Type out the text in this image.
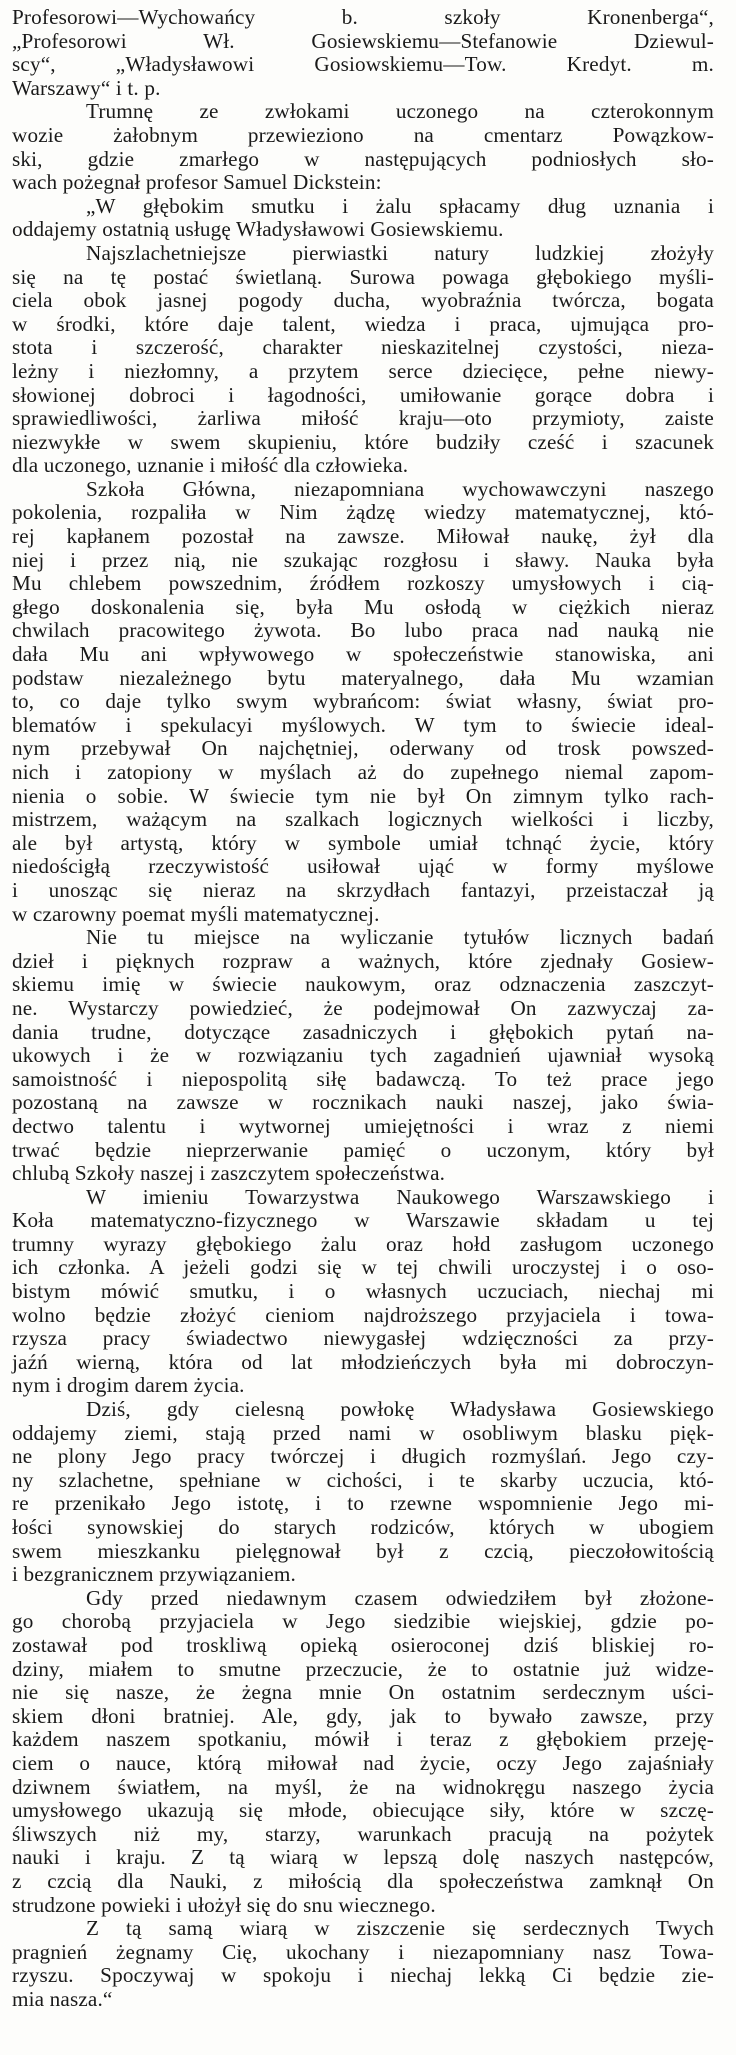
Profesorowi—Wychowańcy b. szkoły Kronenberga“,
„Profesorowi Wł. Gosiewskiemu—Stefanowie Dziewul-
scy“, „Władysławowi Gosiowskiemu—Tow. Kredyt. m.
Warszawy“ i t. p.
Trumnę ze zwłokami uczonego na czterokonnym
wozie żałobnym przewieziono na cmentarz Powązkow-
ski, gdzie zmarłego w następujących podniosłych sło-
wach pożegnał profesor Samuel Dickstein:
„W głębokim smutku i żalu spłacamy dług uznania i
oddajemy ostatnią usługę Władysławowi Gosiewskiemu.
Najszlachetniejsze pierwiastki natury ludzkiej złożyły
się na tę postać świetlaną. Surowa powaga głębokiego myśli-
ciela obok jasnej pogody ducha, wyobraźnia twórcza, bogata
w środki, które daje talent, wiedza i praca, ujmująca pro-
stota i szczerość, charakter nieskazitelnej czystości, nieza-
leżny i niezłomny, a przytem serce dziecięce, pełne niewy-
słowionej dobroci i łagodności, umiłowanie gorące dobra i
sprawiedliwości, żarliwa miłość kraju—oto przymioty, zaiste
niezwykłe w swem skupieniu, które budziły cześć i szacunek
dla uczonego, uznanie i miłość dla człowieka.
Szkoła Główna, niezapomniana wychowawczyni naszego
pokolenia, rozpaliła w Nim żądzę wiedzy matematycznej, któ-
rej kapłanem pozostał na zawsze. Miłował naukę, żył dla
niej i przez nią, nie szukając rozgłosu i sławy. Nauka była
Mu chlebem powszednim, źródłem rozkoszy umysłowych i cią-
głego doskonalenia się, była Mu osłodą w ciężkich nieraz
chwilach pracowitego żywota. Bo lubo praca nad nauką nie
dała Mu ani wpływowego w społeczeństwie stanowiska, ani
podstaw niezależnego bytu materyalnego, dała Mu wzamian
to, co daje tylko swym wybrańcom: świat własny, świat pro-
blematów i spekulacyi myślowych. W tym to świecie ideal-
nym przebywał On najchętniej, oderwany od trosk powszed-
nich i zatopiony w myślach aż do zupełnego niemal zapom-
nienia o sobie. W świecie tym nie był On zimnym tylko rach-
mistrzem, ważącym na szalkach logicznych wielkości i liczby,
ale był artystą, który w symbole umiał tchnąć życie, który
niedościgłą rzeczywistość usiłował ująć w formy myślowe
i unosząc się nieraz na skrzydłach fantazyi, przeistaczał ją
w czarowny poemat myśli matematycznej.
Nie tu miejsce na wyliczanie tytułów licznych badań
dzieł i pięknych rozpraw a ważnych, które zjednały Gosiew-
skiemu imię w świecie naukowym, oraz odznaczenia zaszczyt-
ne. Wystarczy powiedzieć, że podejmował On zazwyczaj za-
dania trudne, dotyczące zasadniczych i głębokich pytań na-
ukowych i że w rozwiązaniu tych zagadnień ujawniał wysoką
samoistność i niepospolitą siłę badawczą. To też prace jego
pozostaną na zawsze w rocznikach nauki naszej, jako świa-
dectwo talentu i wytwornej umiejętności i wraz z niemi
trwać będzie nieprzerwanie pamięć o uczonym, który był
chlubą Szkoły naszej i zaszczytem społeczeństwa.
W imieniu Towarzystwa Naukowego Warszawskiego i
Koła matematyczno-fizycznego w Warszawie składam u tej
trumny wyrazy głębokiego żalu oraz hołd zasługom uczonego
ich członka. A jeżeli godzi się w tej chwili uroczystej i o oso-
bistym mówić smutku, i o własnych uczuciach, niechaj mi
wolno będzie złożyć cieniom najdroższego przyjaciela i towa-
rzysza pracy świadectwo niewygasłej wdzięczności za przy-
jaźń wierną, która od lat młodzieńczych była mi dobroczyn-
nym i drogim darem życia.
Dziś, gdy cielesną powłokę Władysława Gosiewskiego
oddajemy ziemi, stają przed nami w osobliwym blasku pięk-
ne plony Jego pracy twórczej i długich rozmyślań. Jego czy-
ny szlachetne, spełniane w cichości, i te skarby uczucia, któ-
re przenikało Jego istotę, i to rzewne wspomnienie Jego mi-
łości synowskiej do starych rodziców, których w ubogiem
swem mieszkanku pielęgnował był z czcią, pieczołowitością
i bezgranicznem przywiązaniem.
Gdy przed niedawnym czasem odwiedziłem był złożone-
go chorobą przyjaciela w Jego siedzibie wiejskiej, gdzie po-
zostawał pod troskliwą opieką osieroconej dziś bliskiej ro-
dziny, miałem to smutne przeczucie, że to ostatnie już widze-
nie się nasze, że żegna mnie On ostatnim serdecznym uści-
skiem dłoni bratniej. Ale, gdy, jak to bywało zawsze, przy
każdem naszem spotkaniu, mówił i teraz z głębokiem przeję-
ciem o nauce, którą miłował nad życie, oczy Jego zajaśniały
dziwnem światłem, na myśl, że na widnokręgu naszego życia
umysłowego ukazują się młode, obiecujące siły, które w szczę-
śliwszych niż my, starzy, warunkach pracują na pożytek
nauki i kraju. Z tą wiarą w lepszą dolę naszych następców,
z czcią dla Nauki, z miłością dla społeczeństwa zamknął On
strudzone powieki i ułożył się do snu wiecznego.
Z tą samą wiarą w ziszczenie się serdecznych Twych
pragnień żegnamy Cię, ukochany i niezapomniany nasz Towa-
rzyszu. Spoczywaj w spokoju i niechaj lekką Ci będzie zie-
mia nasza.“
